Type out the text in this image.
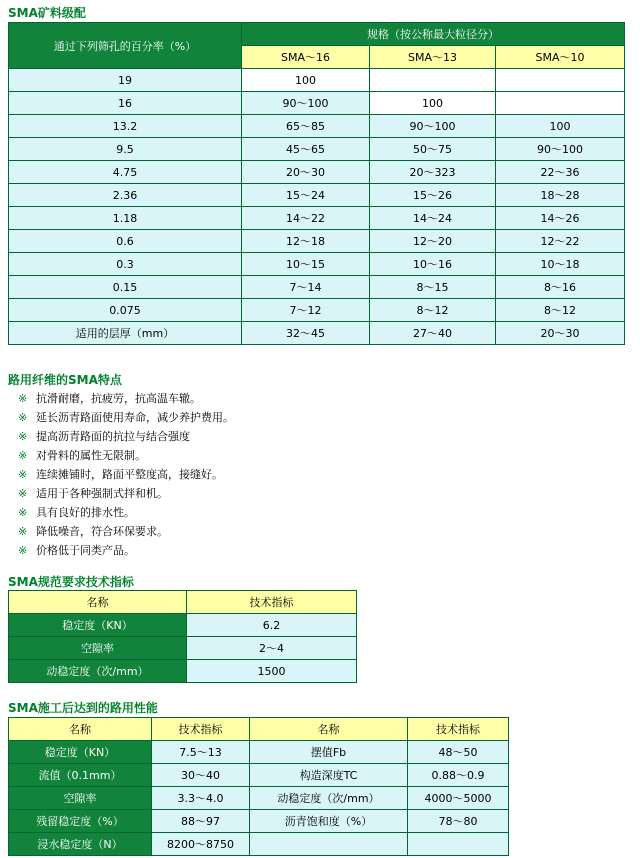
SMA矿料级配
通过下列筛孔的百分率（%）	规格（按公称最大粒径分）		
	SMA～16	SMA～13	SMA～10
19	100		
16	90～100	100	
13.2	65～85	90～100	100
9.5	45～65	50～75	90～100
4.75	20～30	20～323	22～36
2.36	15～24	15～26	18～28
1.18	14～22	14～24	14～26
0.6	12～18	12～20	12～22
0.3	10～15	10～16	10～18
0.15	7～14	8～15	8～16
0.075	7～12	8～12	8～12
适用的层厚（mm）	32～45	27～40	20～30
路用纤维的SMA特点
※ 抗滑耐磨，抗疲劳，抗高温车辙。
※ 延长沥青路面使用寿命，减少养护费用。
※ 提高沥青路面的抗拉与结合强度
※ 对骨料的属性无限制。
※ 连续摊铺时，路面平整度高，接缝好。
※ 适用于各种强制式拌和机。
※ 具有良好的排水性。
※ 降低噪音，符合环保要求。
※ 价格低于同类产品。
SMA规范要求技术指标
名称	技术指标
稳定度（KN）	6.2
空隙率	2～4
动稳定度（次/mm）	1500
SMA施工后达到的路用性能
名称	技术指标	名称	技术指标
稳定度（KN）	7.5～13	摆值Fb	48～50
流值（0.1mm）	30～40	构造深度TC	0.88～0.9
空隙率	3.3～4.0	动稳定度（次/mm）	4000～5000
残留稳定度（%）	88～97	沥青饱和度（%）	78～80
浸水稳定度（N）	8200～8750		
